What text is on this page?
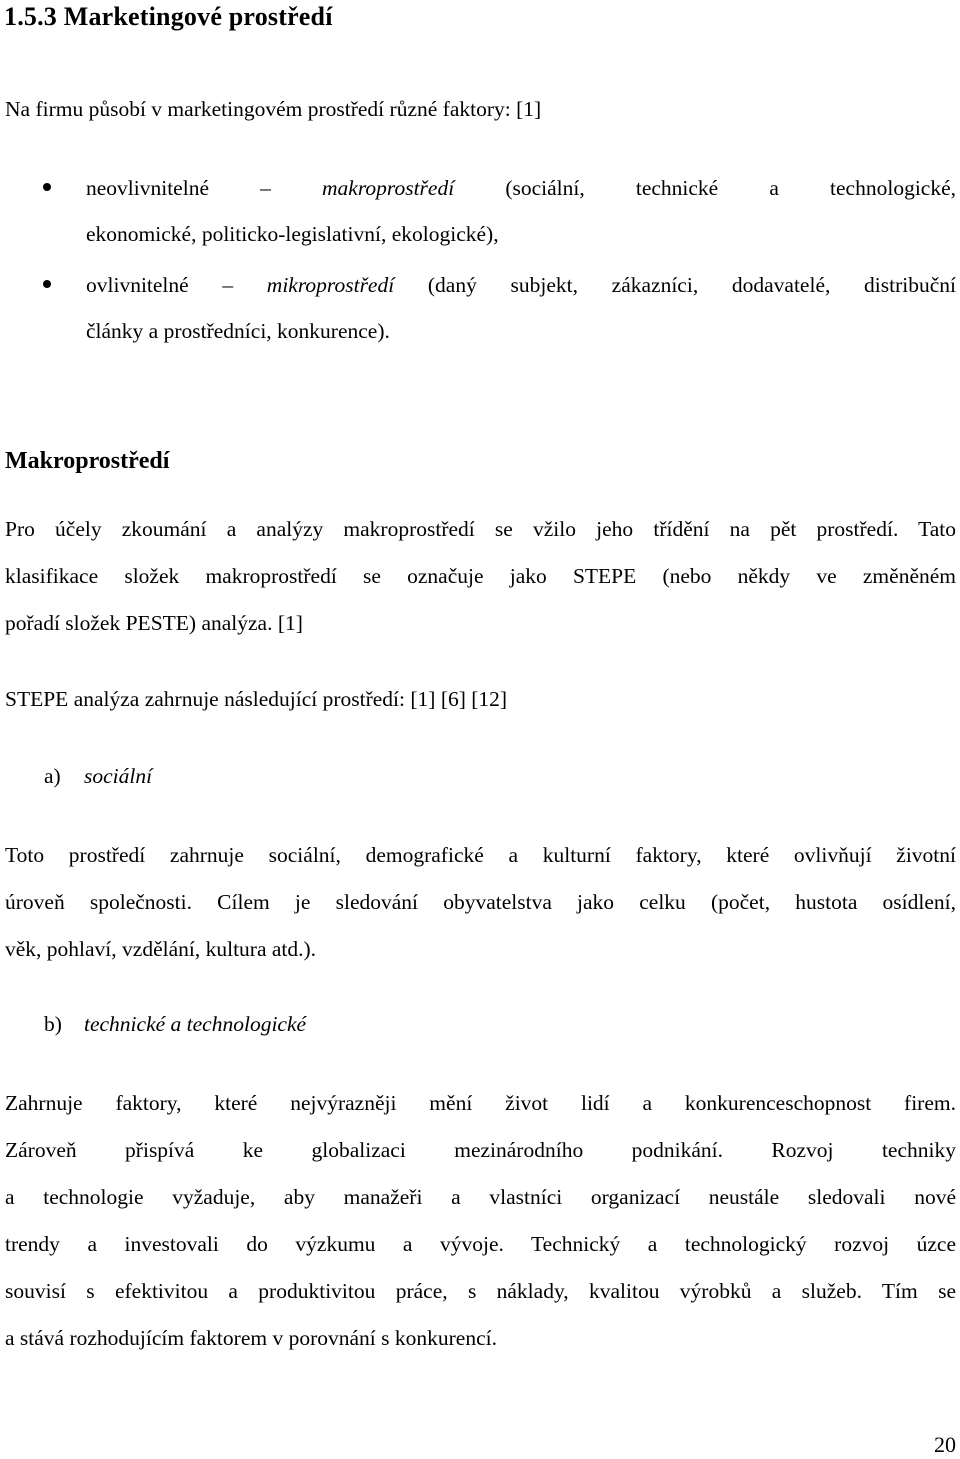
1.5.3 Marketingové prostředí
Na firmu působí v marketingovém prostředí různé faktory: [1]
neovlivnitelné – makroprostředí (sociální, technické a technologické,
ekonomické, politicko-legislativní, ekologické),
ovlivnitelné – mikroprostředí (daný subjekt, zákazníci, dodavatelé, distribuční
články a prostředníci, konkurence).
Makroprostředí
Pro účely zkoumání a analýzy makroprostředí se vžilo jeho třídění na pět prostředí. Tato
klasifikace složek makroprostředí se označuje jako STEPE (nebo někdy ve změněném
pořadí složek PESTE) analýza. [1]
STEPE analýza zahrnuje následující prostředí: [1] [6] [12]
a) sociální
Toto prostředí zahrnuje sociální, demografické a kulturní faktory, které ovlivňují životní
úroveň společnosti. Cílem je sledování obyvatelstva jako celku (počet, hustota osídlení,
věk, pohlaví, vzdělání, kultura atd.).
b) technické a technologické
Zahrnuje faktory, které nejvýrazněji mění život lidí a konkurenceschopnost firem.
Zároveň přispívá ke globalizaci mezinárodního podnikání. Rozvoj techniky
a technologie vyžaduje, aby manažeři a vlastníci organizací neustále sledovali nové
trendy a investovali do výzkumu a vývoje. Technický a technologický rozvoj úzce
souvisí s efektivitou a produktivitou práce, s náklady, kvalitou výrobků a služeb. Tím se
a stává rozhodujícím faktorem v porovnání s konkurencí.
20
